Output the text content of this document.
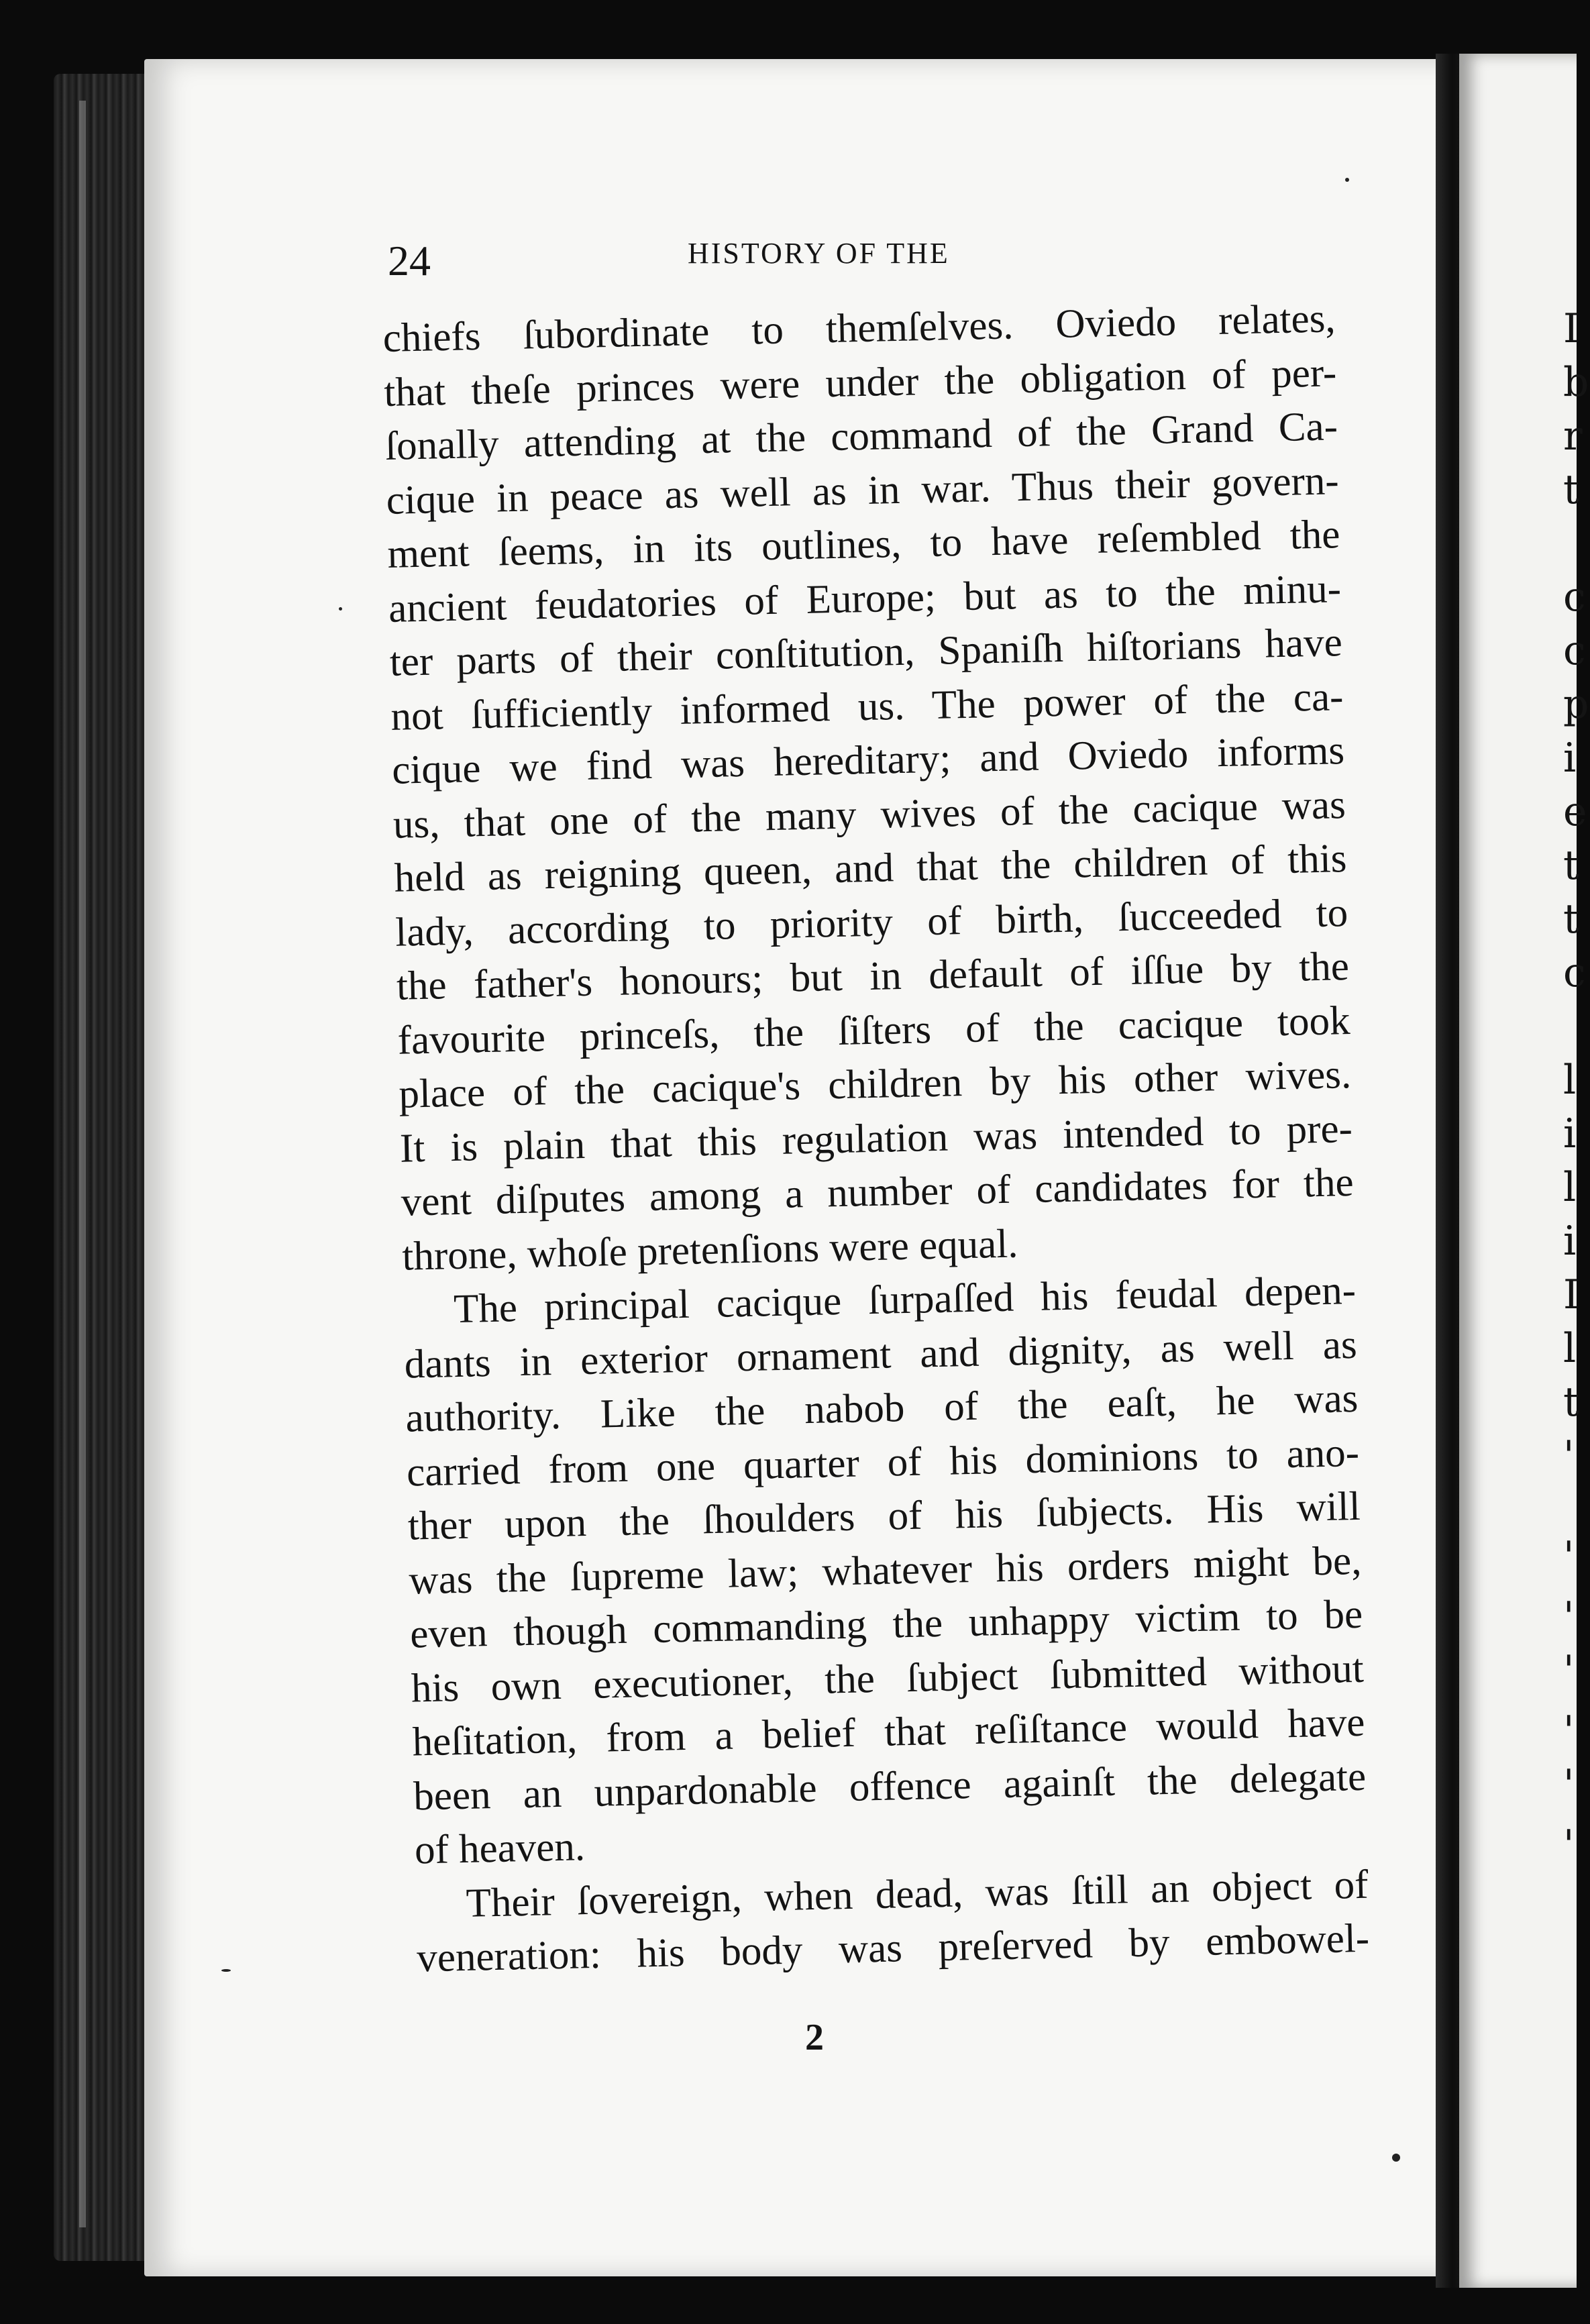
I
b
r
t
c
c
p
i
e
t
t
c
l
i
l
i
I
l
t
'
'
'
'
'
'
'
24	HISTORY OF THE
chiefs ſubordinate to themſelves. Oviedo relates,
that theſe princes were under the obligation of per-
ſonally attending at the command of the Grand Ca-
cique in peace as well as in war. Thus their govern-
ment ſeems, in its outlines, to have reſembled the
ancient feudatories of Europe; but as to the minu-
ter parts of their conſtitution, Spaniſh hiſtorians have
not ſufficiently informed us. The power of the ca-
cique we find was hereditary; and Oviedo informs
us, that one of the many wives of the cacique was
held as reigning queen, and that the children of this
lady, according to priority of birth, ſucceeded to
the father's honours; but in default of iſſue by the
favourite princeſs, the ſiſters of the cacique took
place of the cacique's children by his other wives.
It is plain that this regulation was intended to pre-
vent diſputes among a number of candidates for the
throne, whoſe pretenſions were equal.
The principal cacique ſurpaſſed his feudal depen-
dants in exterior ornament and dignity, as well as
authority. Like the nabob of the eaſt, he was
carried from one quarter of his dominions to ano-
ther upon the ſhoulders of his ſubjects. His will
was the ſupreme law; whatever his orders might be,
even though commanding the unhappy victim to be
his own executioner, the ſubject ſubmitted without
heſitation, from a belief that reſiſtance would have
been an unpardonable offence againſt the delegate
of heaven.
Their ſovereign, when dead, was ſtill an object of
veneration: his body was preſerved by embowel-
2
